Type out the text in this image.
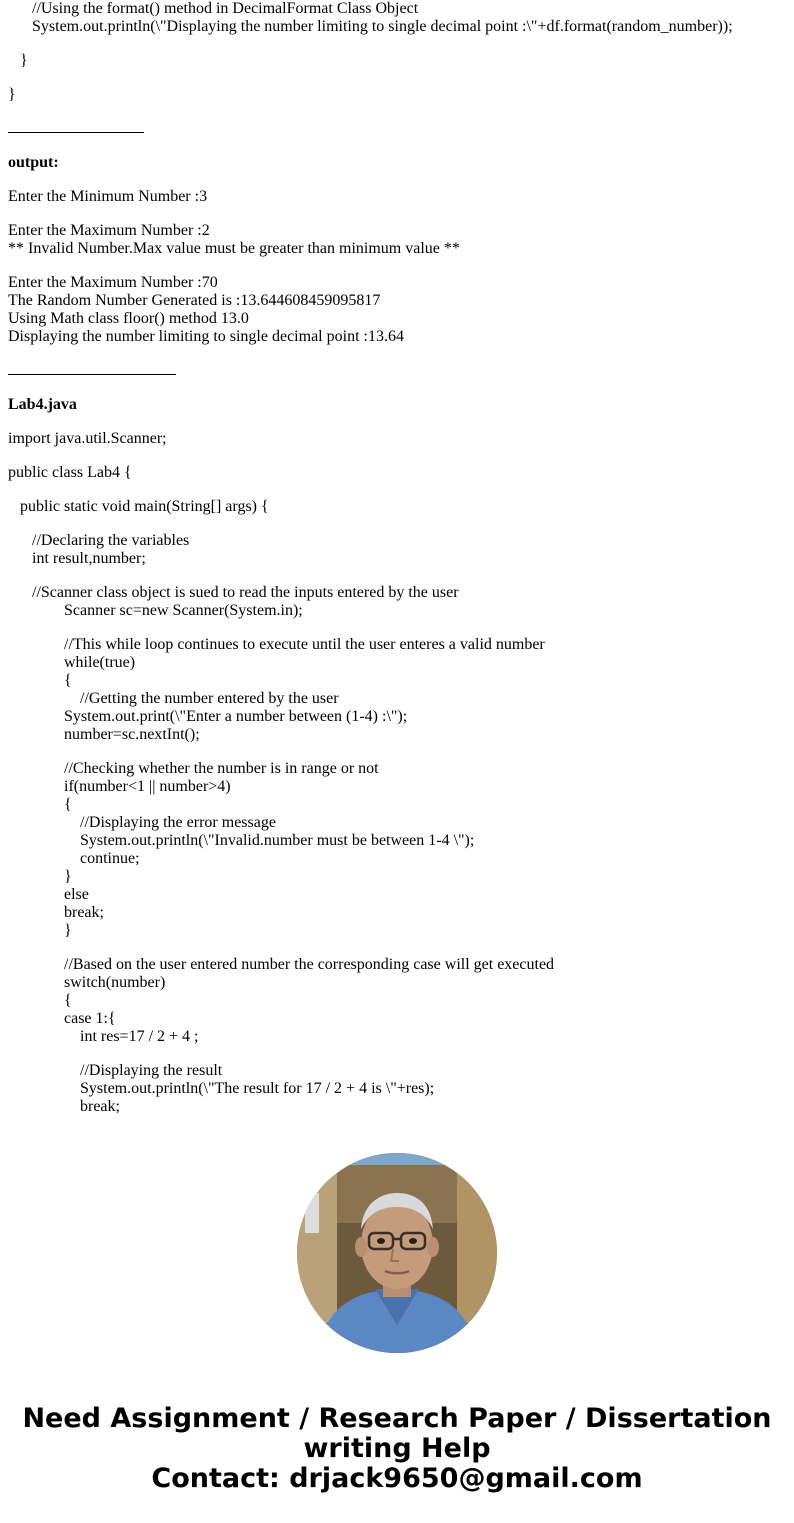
//Using the format() method in DecimalFormat Class Object
System.out.println(\"Displaying the number limiting to single decimal point :\"+df.format(random_number));
}
}
output:
Enter the Minimum Number :3
Enter the Maximum Number :2
** Invalid Number.Max value must be greater than minimum value **
Enter the Maximum Number :70
The Random Number Generated is :13.644608459095817
Using Math class floor() method 13.0
Displaying the number limiting to single decimal point :13.64
Lab4.java
import java.util.Scanner;
public class Lab4 {
public static void main(String[] args) {
//Declaring the variables
int result,number;
//Scanner class object is sued to read the inputs entered by the user
Scanner sc=new Scanner(System.in);
//This while loop continues to execute until the user enteres a valid number
while(true)
{
//Getting the number entered by the user
System.out.print(\"Enter a number between (1-4) :\");
number=sc.nextInt();
//Checking whether the number is in range or not
if(number<1 || number>4)
{
//Displaying the error message
System.out.println(\"Invalid.number must be between 1-4 \");
continue;
}
else
break;
}
//Based on the user entered number the corresponding case will get executed
switch(number)
{
case 1:{
int res=17 / 2 + 4 ;
//Displaying the result
System.out.println(\"The result for 17 / 2 + 4 is \"+res);
break;
Need Assignment / Research Paper / Dissertation
writing Help
Contact: drjack9650@gmail.com
